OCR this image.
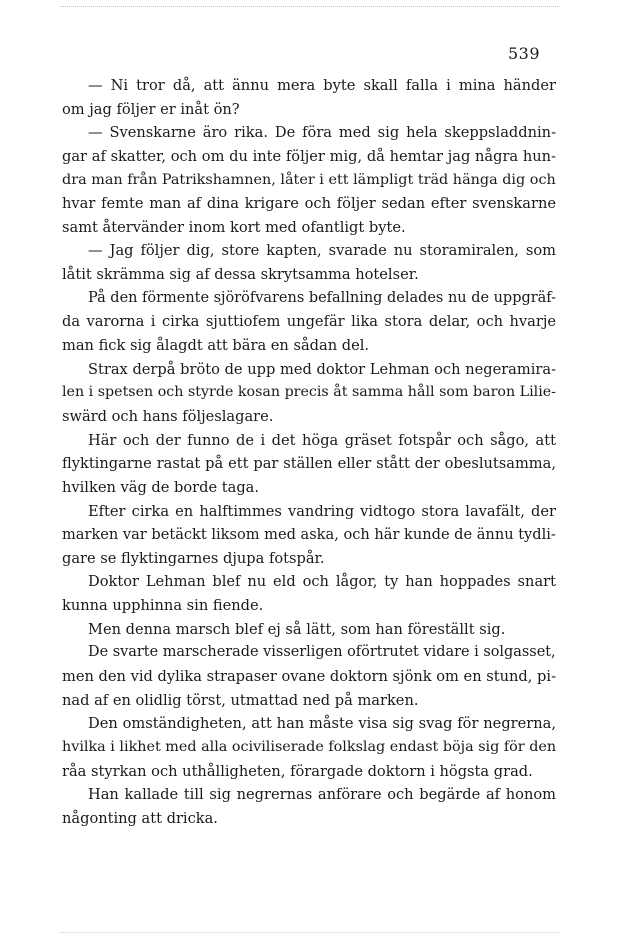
539
— Ni tror då, att ännu mera byte skall falla i mina händer
om jag följer er inåt ön?
— Svenskarne äro rika. De föra med sig hela skeppsladdnin-
gar af skatter, och om du inte följer mig, då hemtar jag några hun-
dra man från Patrikshamnen, låter i ett lämpligt träd hänga dig och
hvar femte man af dina krigare och följer sedan efter svenskarne
samt återvänder inom kort med ofantligt byte.
— Jag följer dig, store kapten, svarade nu storamiralen, som
låtit skrämma sig af dessa skrytsamma hotelser.
På den förmente sjöröfvarens befallning delades nu de uppgräf-
da varorna i cirka sjuttiofem ungefär lika stora delar, och hvarje
man fick sig ålagdt att bära en sådan del.
Strax derpå bröto de upp med doktor Lehman och negeramira-
len i spetsen och styrde kosan precis åt samma håll som baron Lilie-
swärd och hans följeslagare.
Här och der funno de i det höga gräset fotspår och sågo, att
flyktingarne rastat på ett par ställen eller stått der obeslutsamma,
hvilken väg de borde taga.
Efter cirka en halftimmes vandring vidtogo stora lavafält, der
marken var betäckt liksom med aska, och här kunde de ännu tydli-
gare se flyktingarnes djupa fotspår.
Doktor Lehman blef nu eld och lågor, ty han hoppades snart
kunna upphinna sin fiende.
Men denna marsch blef ej så lätt, som han föreställt sig.
De svarte marscherade visserligen oförtrutet vidare i solgasset,
men den vid dylika strapaser ovane doktorn sjönk om en stund, pi-
nad af en olidlig törst, utmattad ned på marken.
Den omständigheten, att han måste visa sig svag för negrerna,
hvilka i likhet med alla ociviliserade folkslag endast böja sig för den
råa styrkan och uthålligheten, förargade doktorn i högsta grad.
Han kallade till sig negrernas anförare och begärde af honom
någonting att dricka.
